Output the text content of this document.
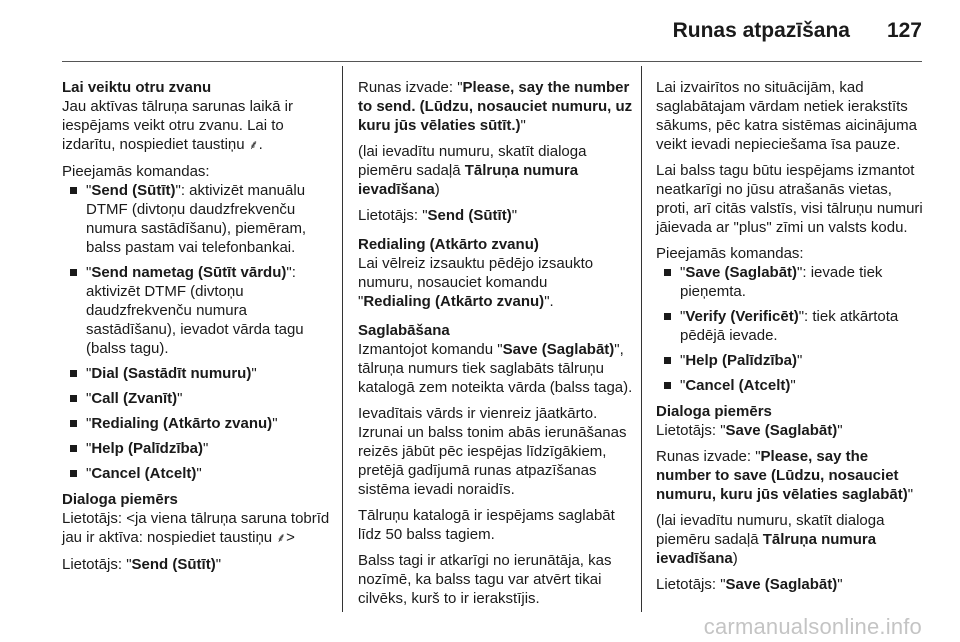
Runas atpazīšana 127

Lai veiktu otru zvanu

Jau aktīvas tālruņa sarunas laikā ir iespējams veikt otru zvanu. Lai to izdarītu, nospiediet taustiņu ⸙.

Pieejamās komandas:

"Send (Sūtīt)": aktivizēt manuālu DTMF (divtoņu daudzfrekvenču numura sastādīšanu), piemēram, balss pastam vai telefonbankai.
"Send nametag (Sūtīt vārdu)": aktivizēt DTMF (divtoņu daudzfrekvenču numura sastādīšanu), ievadot vārda tagu (balss tagu).
"Dial (Sastādīt numuru)"
"Call (Zvanīt)"
"Redialing (Atkārto zvanu)"
"Help (Palīdzība)"
"Cancel (Atcelt)"

Dialoga piemērs

Lietotājs: <ja viena tālruņa saruna tobrīd jau ir aktīva: nospiediet taustiņu ⸙>

Lietotājs: "Send (Sūtīt)"

Runas izvade: "Please, say the number to send. (Lūdzu, nosauciet numuru, uz kuru jūs vēlaties sūtīt.)"

(lai ievadītu numuru, skatīt dialoga piemēru sadaļā Tālruņa numura ievadīšana)

Lietotājs: "Send (Sūtīt)"

Redialing (Atkārto zvanu)

Lai vēlreiz izsauktu pēdējo izsaukto numuru, nosauciet komandu
"Redialing (Atkārto zvanu)".

Saglabāšana

Izmantojot komandu "Save (Saglabāt)", tālruņa numurs tiek saglabāts tālruņu katalogā zem noteikta vārda (balss taga).

Ievadītais vārds ir vienreiz jāatkārto. Izrunai un balss tonim abās ierunāšanas reizēs jābūt pēc iespējas līdzīgākiem, pretējā gadījumā runas atpazīšanas sistēma ievadi noraidīs.

Tālruņu katalogā ir iespējams saglabāt līdz 50 balss tagiem.

Balss tagi ir atkarīgi no ierunātāja, kas nozīmē, ka balss tagu var atvērt tikai cilvēks, kurš to ir ierakstījis.

Lai izvairītos no situācijām, kad saglabātajam vārdam netiek ierakstīts sākums, pēc katra sistēmas aicinājuma veikt ievadi nepieciešama īsa pauze.

Lai balss tagu būtu iespējams izmantot neatkarīgi no jūsu atrašanās vietas, proti, arī citās valstīs, visi tālruņu numuri jāievada ar "plus" zīmi un valsts kodu.

Pieejamās komandas:

"Save (Saglabāt)": ievade tiek pieņemta.
"Verify (Verificēt)": tiek atkārtota pēdējā ievade.
"Help (Palīdzība)"
"Cancel (Atcelt)"

Dialoga piemērs

Lietotājs: "Save (Saglabāt)"

Runas izvade: "Please, say the number to save (Lūdzu, nosauciet numuru, kuru jūs vēlaties saglabāt)"

(lai ievadītu numuru, skatīt dialoga piemēru sadaļā Tālruņa numura ievadīšana)

Lietotājs: "Save (Saglabāt)"

carmanualsonline.info
